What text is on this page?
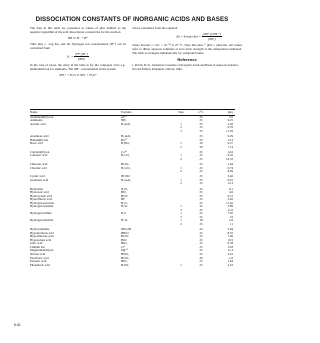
DISSOCIATION CONSTANTS OF INORGANIC ACIDS AND BASES

The data in this table are presented as values of pKa defined as the negative logarithm of the acid dissociation constant Ka for the reaction

BH ⇌ B⁻ + H⁺

Thus pKa = –log Ka, and the hydrogen ion concentration [H⁺] can be calculated from

$K_a = \frac{[H^+][B^-]}{[BH]}$

In the case of bases, the entry in the table is for the conjugate acid; e.g., ammonium ion for ammonia. The OH⁻ concentration in the system

NH₄⁺ + H₂O ⇌ NH₃ + H₃O⁺

can be calculated from the equation

Kb = Kwater/Ka = $\frac{\text{[OH⁻][NH₄⁺]}}{\text{[NH₃]}}$

where Kwater = 1.01 × 10⁻¹⁴ at 25 °C. Note that pKa + pKb = pKwater. All values refer to dilute aqueous solutions at zero ionic strength at the temperature indicated. The table is arranged alphabetically by compound name.

Reference
1. Perrin, D. D., Ionisation Constants of Inorganic Acids and Bases in Aqueous Solution, Second Edition, Pergamon, Oxford, 1982.
Name	Formula	Step	t/°C	pKa
Aluminum(III) ion	Al⁺³		25	5.0
Ammonia	NH₃		25	9.25
Arsenic acid	H₃AsO₄	1	25	2.26
		2	25	6.76
		3	25	11.29
Arsenious acid	H₂AsO₃		25	9.29
Barium(II) ion	Ba⁺²		25	13.4
Boric acid	H₃BO₃	1	20	9.27
		2	20	>14
Calcium(II) ion	Ca⁺²		25	12.6
Carbonic acid	H₂CO₃	1	25	6.35
		2	25	10.33
Chlorous acid	HClO₂		25	1.94
Chromic acid	H₂CrO₄	1	25	0.74
		2	25	6.49
Cyanic acid	HCNO		25	3.46
Germanic acid	H₂GeO₃	1	25	9.01
		2	25	12.3
Hydrazine	N₂H₄		25	8.1
Hydrazoic acid	HN₃		25	4.6
Hydrocyanic acid	HCN		25	9.21
Hydrofluoric acid	HF		25	3.20
Hydrogen peroxide	H₂O₂		25	11.62
Hydrogen selenide	H₂Se	1	25	3.89
		2	25	11.0
Hydrogen sulfide	H₂S	1	25	7.05
		2	25	19
Hydrogen telluride	H₂Te	1	18	2.6
		2	25	11
Hydroxylamine	NH₂OH		25	5.94
Hypobromous acid	HBrO		25	8.55
Hypochlorous acid	HClO		25	7.40
Hypoiodous acid	HIO		25	10.5
Iodic acid	HIO₃		25	0.78
Lithium ion	Li⁺		25	13.8
Magnesium(II) ion	Mg⁺²		25	11.4
Nitrous acid	HNO₂		25	3.25
Perchloric acid	HClO₄		20	-1.6
Periodic acid	HIO₄		25	1.64
Phosphoric acid	H₃PO₄	1	25	2.16
8-40
